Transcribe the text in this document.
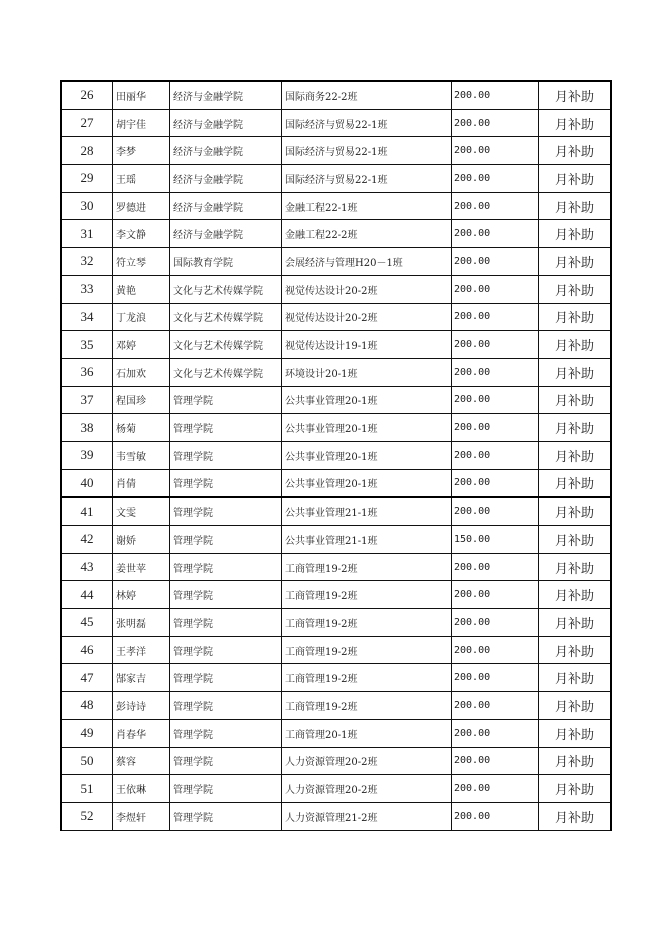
26	田丽华	经济与金融学院	国际商务22-2班	200.00	月补助
27	胡宇佳	经济与金融学院	国际经济与贸易22-1班	200.00	月补助
28	李梦	经济与金融学院	国际经济与贸易22-1班	200.00	月补助
29	王瑶	经济与金融学院	国际经济与贸易22-1班	200.00	月补助
30	罗德进	经济与金融学院	金融工程22-1班	200.00	月补助
31	李文静	经济与金融学院	金融工程22-2班	200.00	月补助
32	符立琴	国际教育学院	会展经济与管理H20－1班	200.00	月补助
33	黄艳	文化与艺术传媒学院	视觉传达设计20-2班	200.00	月补助
34	丁龙浪	文化与艺术传媒学院	视觉传达设计20-2班	200.00	月补助
35	邓婷	文化与艺术传媒学院	视觉传达设计19-1班	200.00	月补助
36	石加欢	文化与艺术传媒学院	环境设计20-1班	200.00	月补助
37	程国珍	管理学院	公共事业管理20-1班	200.00	月补助
38	杨菊	管理学院	公共事业管理20-1班	200.00	月补助
39	韦雪敏	管理学院	公共事业管理20-1班	200.00	月补助
40	肖倩	管理学院	公共事业管理20-1班	200.00	月补助
41	文雯	管理学院	公共事业管理21-1班	200.00	月补助
42	谢娇	管理学院	公共事业管理21-1班	150.00	月补助
43	姜世苹	管理学院	工商管理19-2班	200.00	月补助
44	林婷	管理学院	工商管理19-2班	200.00	月补助
45	张明磊	管理学院	工商管理19-2班	200.00	月补助
46	王孝洋	管理学院	工商管理19-2班	200.00	月补助
47	郜家吉	管理学院	工商管理19-2班	200.00	月补助
48	彭诗诗	管理学院	工商管理19-2班	200.00	月补助
49	肖春华	管理学院	工商管理20-1班	200.00	月补助
50	蔡容	管理学院	人力资源管理20-2班	200.00	月补助
51	王依琳	管理学院	人力资源管理20-2班	200.00	月补助
52	李煜轩	管理学院	人力资源管理21-2班	200.00	月补助
